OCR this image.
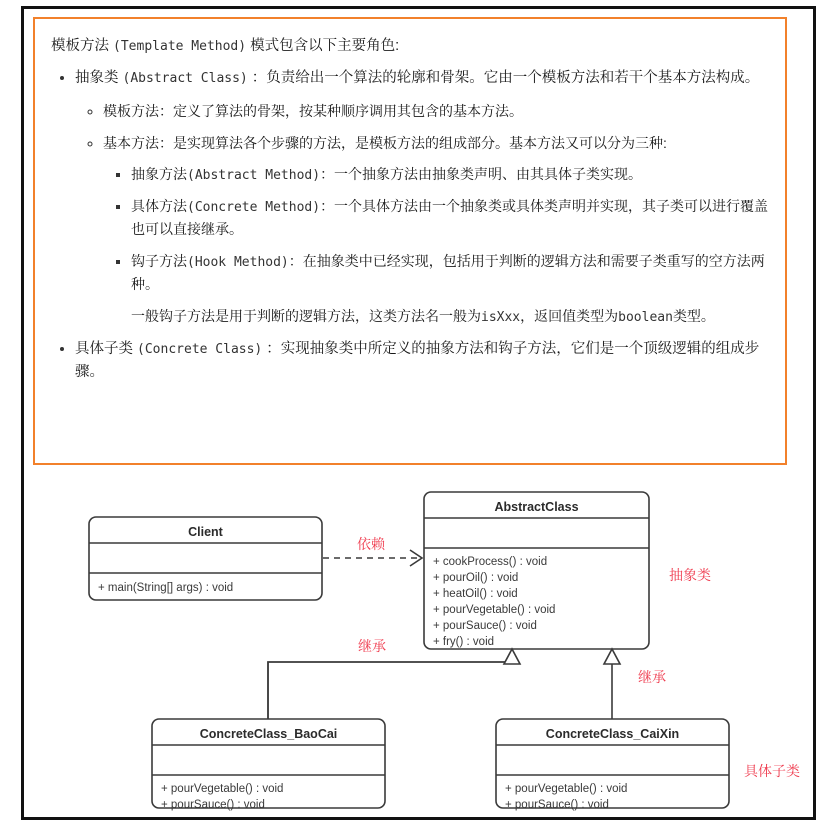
模板方法 (Template Method) 模式包含以下主要角色:

• 抽象类 (Abstract Class) ：负责给出一个算法的轮廓和骨架。它由一个模板方法和若干个基本方法构成。
◦ 模板方法：定义了算法的骨架，按某种顺序调用其包含的基本方法。
◦ 基本方法：是实现算法各个步骤的方法，是模板方法的组成部分。基本方法又可以分为三种:
▪ 抽象方法(Abstract Method)：一个抽象方法由抽象类声明、由其具体子类实现。
▪ 具体方法(Concrete Method)：一个具体方法由一个抽象类或具体类声明并实现，其子类可以进行覆盖也可以直接继承。
▪ 钩子方法(Hook Method)：在抽象类中已经实现，包括用于判断的逻辑方法和需要子类重写的空方法两种。

一般钩子方法是用于判断的逻辑方法，这类方法名一般为isXxx，返回值类型为boolean类型。

• 具体子类 (Concrete Class) ：实现抽象类中所定义的抽象方法和钩子方法，它们是一个顶级逻辑的组成步骤。
Client
+ main(String[] args) : void
AbstractClass
+ cookProcess() : void
+ pourOil() : void
+ heatOil() : void
+ pourVegetable() : void
+ pourSauce() : void
+ fry() : void
ConcreteClass_BaoCai
+ pourVegetable() : void
+ pourSauce() : void
ConcreteClass_CaiXin
+ pourVegetable() : void
+ pourSauce() : void
依赖
继承
继承
抽象类
具体子类
